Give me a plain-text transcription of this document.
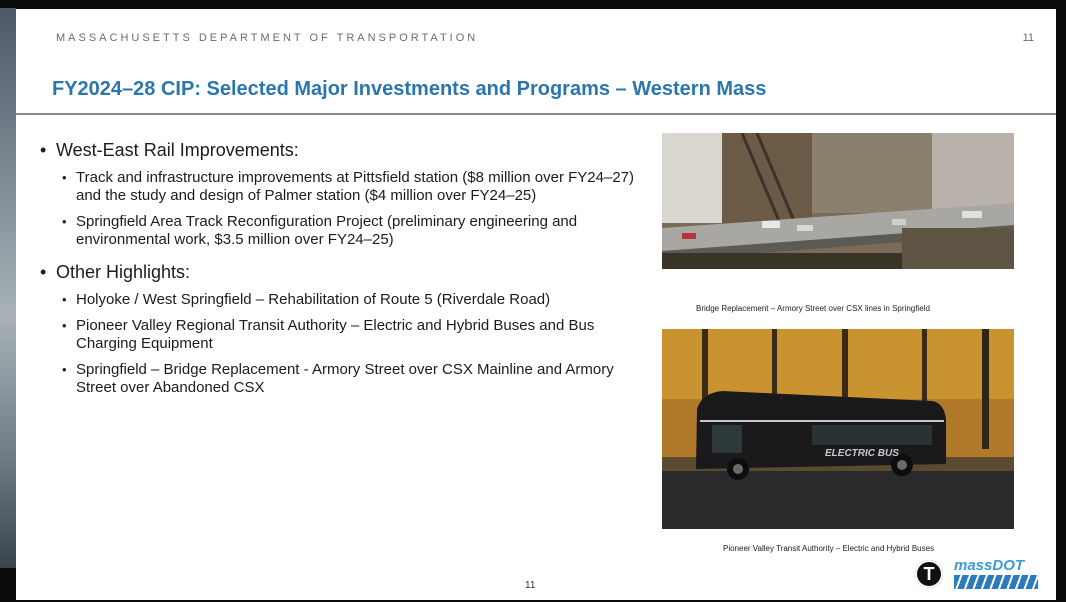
MASSACHUSETTS DEPARTMENT OF TRANSPORTATION	11
FY2024–28 CIP: Selected Major Investments and Programs – Western Mass
• West-East Rail Improvements:
• Track and infrastructure improvements at Pittsfield station ($8 million over FY24–27) and the study and design of Palmer station ($4 million over FY24–25)
• Springfield Area Track Reconfiguration Project (preliminary engineering and environmental work, $3.5 million over FY24–25)
• Other Highlights:
• Holyoke / West Springfield – Rehabilitation of Route 5 (Riverdale Road)
• Pioneer Valley Regional Transit Authority – Electric and Hybrid Buses and Bus Charging Equipment
• Springfield – Bridge Replacement - Armory Street over CSX Mainline and Armory Street over Abandoned CSX
Bridge Replacement – Armory Street over CSX lines in Springfield
ELECTRIC BUS
Pioneer Valley Transit Authority – Electric and Hybrid Buses
11
T	massDOT
